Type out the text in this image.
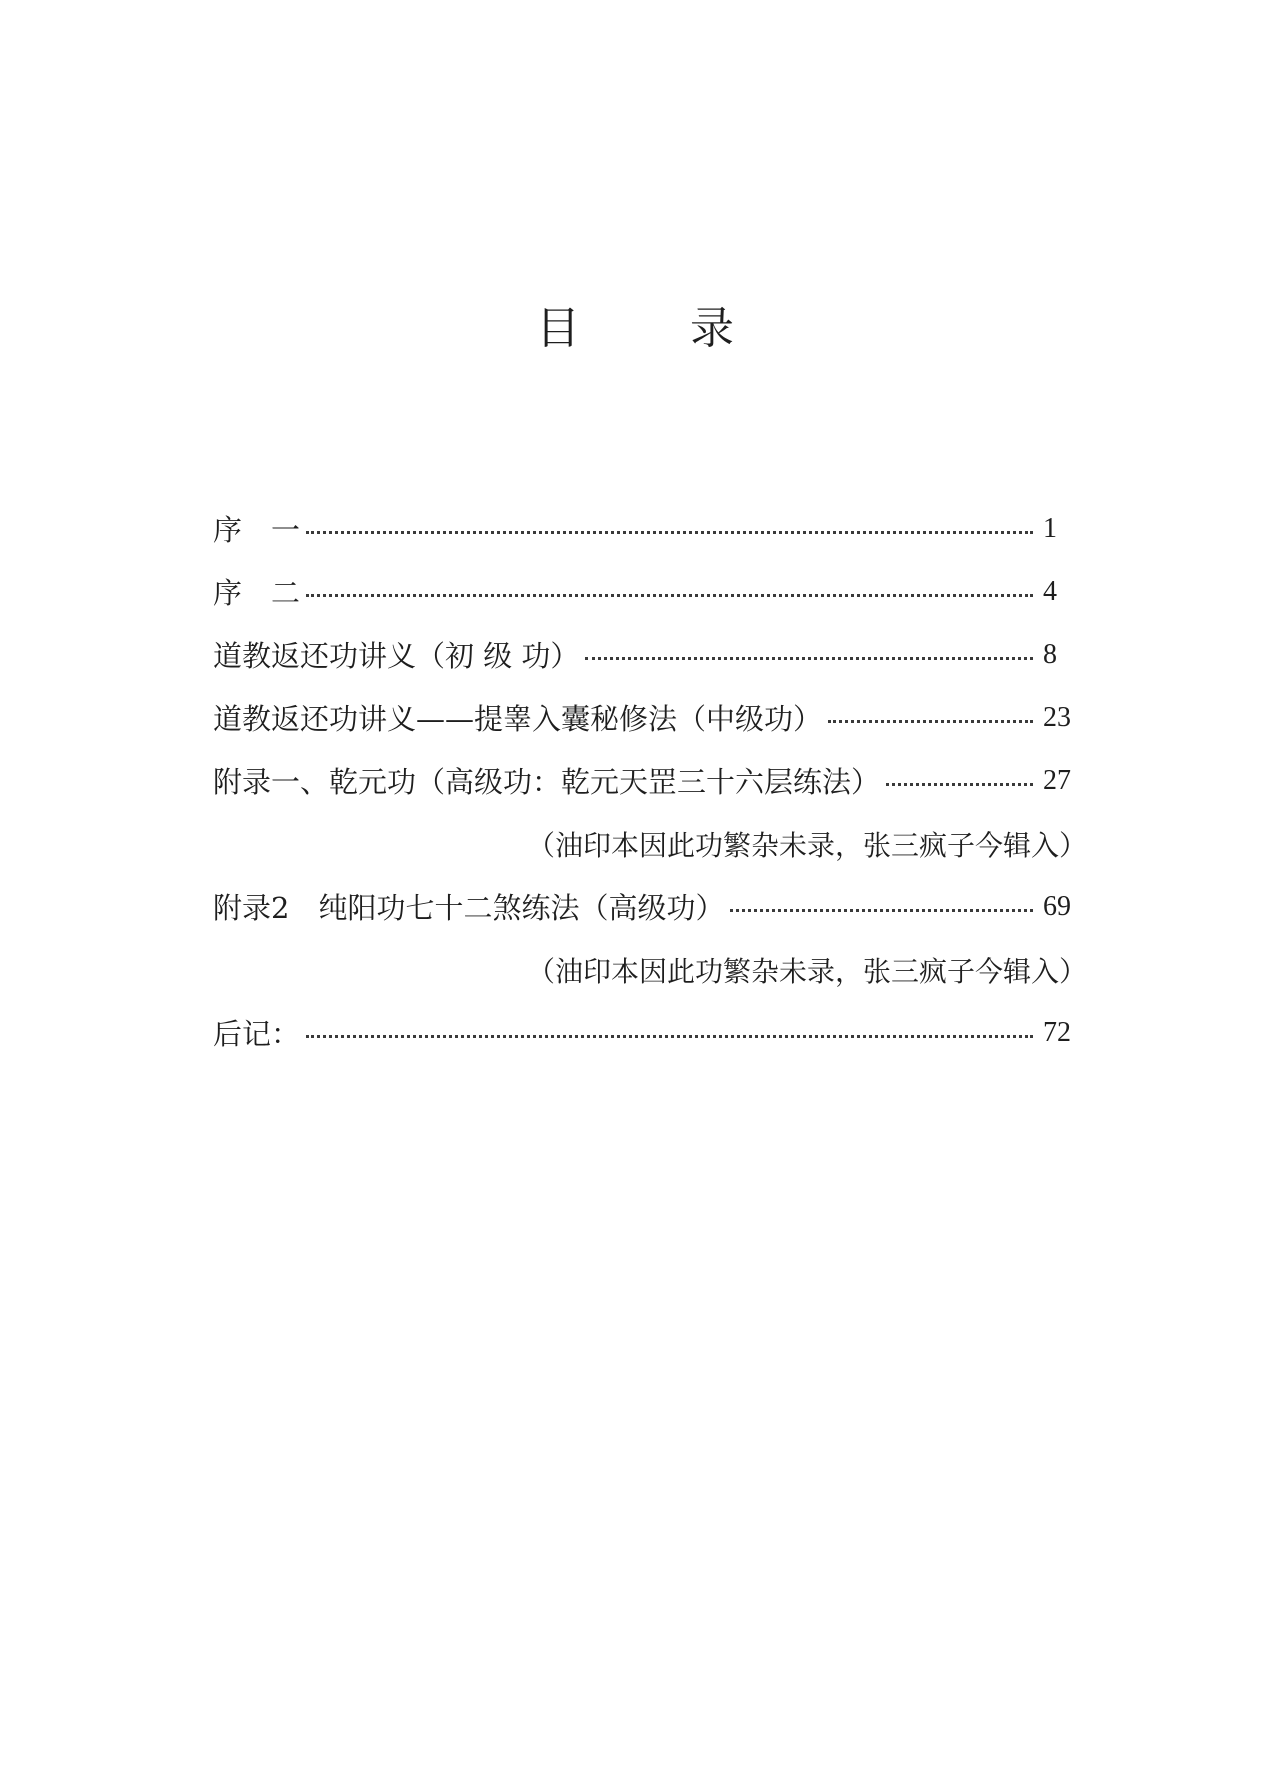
目	录
序　一	1
序　二	4
道教返还功讲义（初 级 功）	8
道教返还功讲义——提睾入囊秘修法（中级功）	23
附录一、乾元功（高级功：乾元天罡三十六层练法）	27
（油印本因此功繁杂未录，张三疯子今辑入）
附录2　纯阳功七十二煞练法（高级功）	69
（油印本因此功繁杂未录，张三疯子今辑入）
后记：	72
